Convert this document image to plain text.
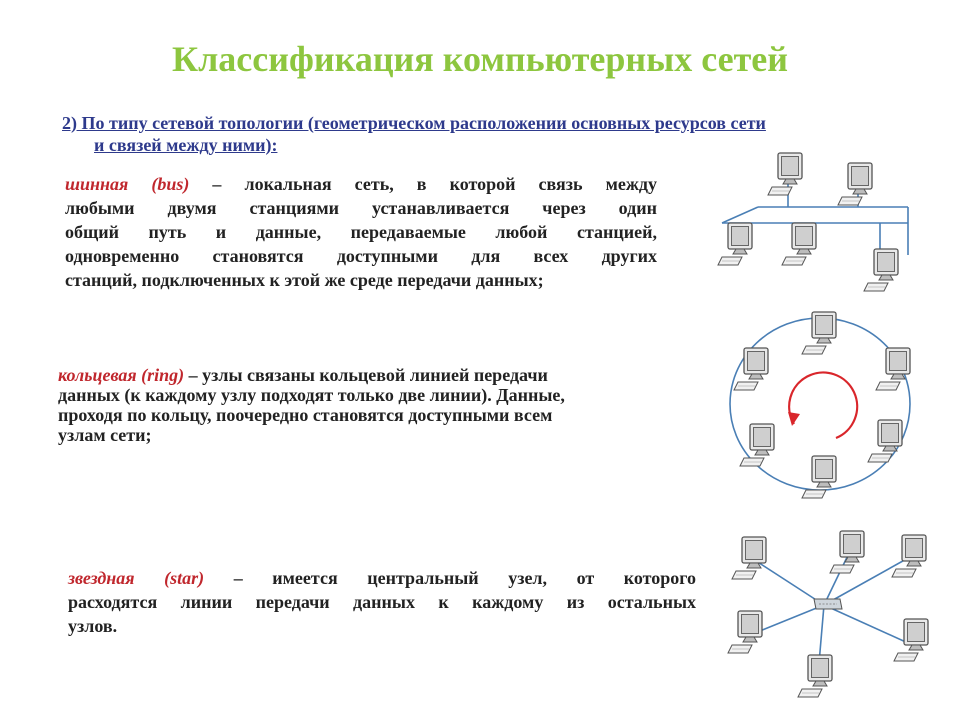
Классификация компьютерных сетей
2) По типу сетевой топологии (геометрическом расположении основных ресурсов сети
и связей между ними):
шинная (bus) – локальная сеть, в которой связь между
любыми двумя станциями устанавливается через один
общий путь и данные, передаваемые любой станцией,
одновременно становятся доступными для всех других
станций, подключенных к этой же среде передачи данных;
кольцевая (ring) – узлы связаны кольцевой линией передачи
данных (к каждому узлу подходят только две линии). Данные,
проходя по кольцу, поочередно становятся доступными всем
узлам сети;
звездная (star) – имеется центральный узел, от которого
расходятся линии передачи данных к каждому из остальных
узлов.
